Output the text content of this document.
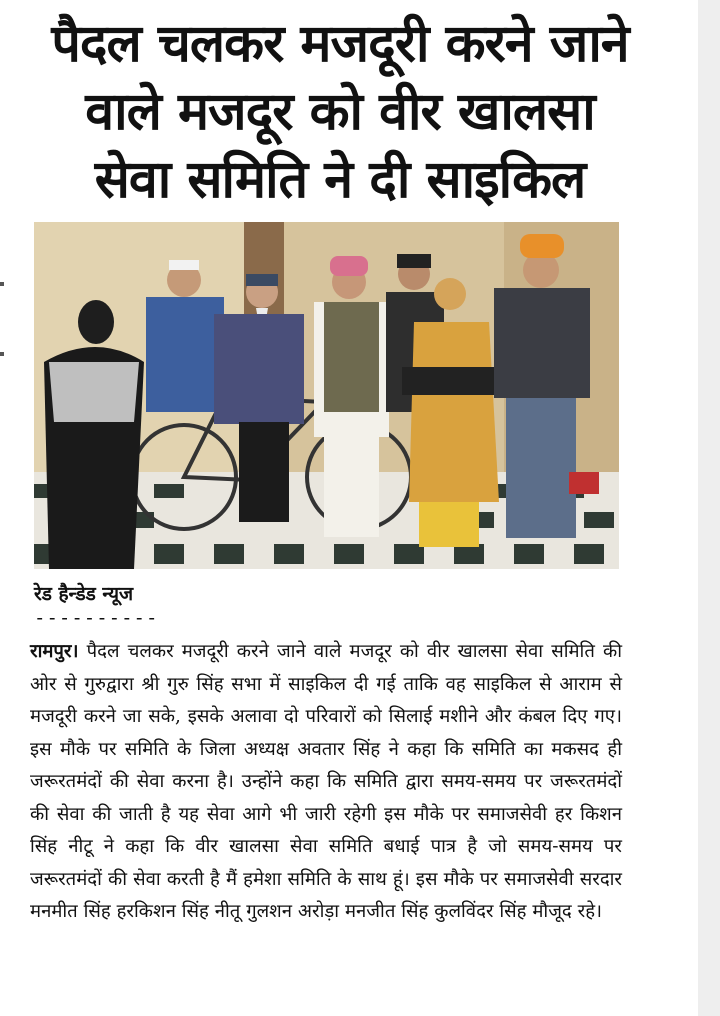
पैदल चलकर मजदूरी करने जाने
वाले मजदूर को वीर खालसा
सेवा समिति ने दी साइकिल
रेड हैन्डेड न्यूज
----------
रामपुर। पैदल चलकर मजदूरी करने जाने वाले मजदूर को वीर खालसा सेवा समिति की ओर से गुरुद्वारा श्री गुरु सिंह सभा में साइकिल दी गई ताकि वह साइकिल से आराम से मजदूरी करने जा सके, इसके अलावा दो परिवारों को सिलाई मशीने और कंबल दिए गए। इस मौके पर समिति के जिला अध्यक्ष अवतार सिंह ने कहा कि समिति का मकसद ही जरूरतमंदों की सेवा करना है। उन्होंने कहा कि समिति द्वारा समय-समय पर जरूरतमंदों की सेवा की जाती है यह सेवा आगे भी जारी रहेगी इस मौके पर समाजसेवी हर किशन सिंह नीटू ने कहा कि वीर खालसा सेवा समिति बधाई पात्र है जो समय-समय पर जरूरतमंदों की सेवा करती है मैं हमेशा समिति के साथ हूं। इस मौके पर समाजसेवी सरदार मनमीत सिंह हरकिशन सिंह नीतू गुलशन अरोड़ा मनजीत सिंह कुलविंदर सिंह मौजूद रहे।
